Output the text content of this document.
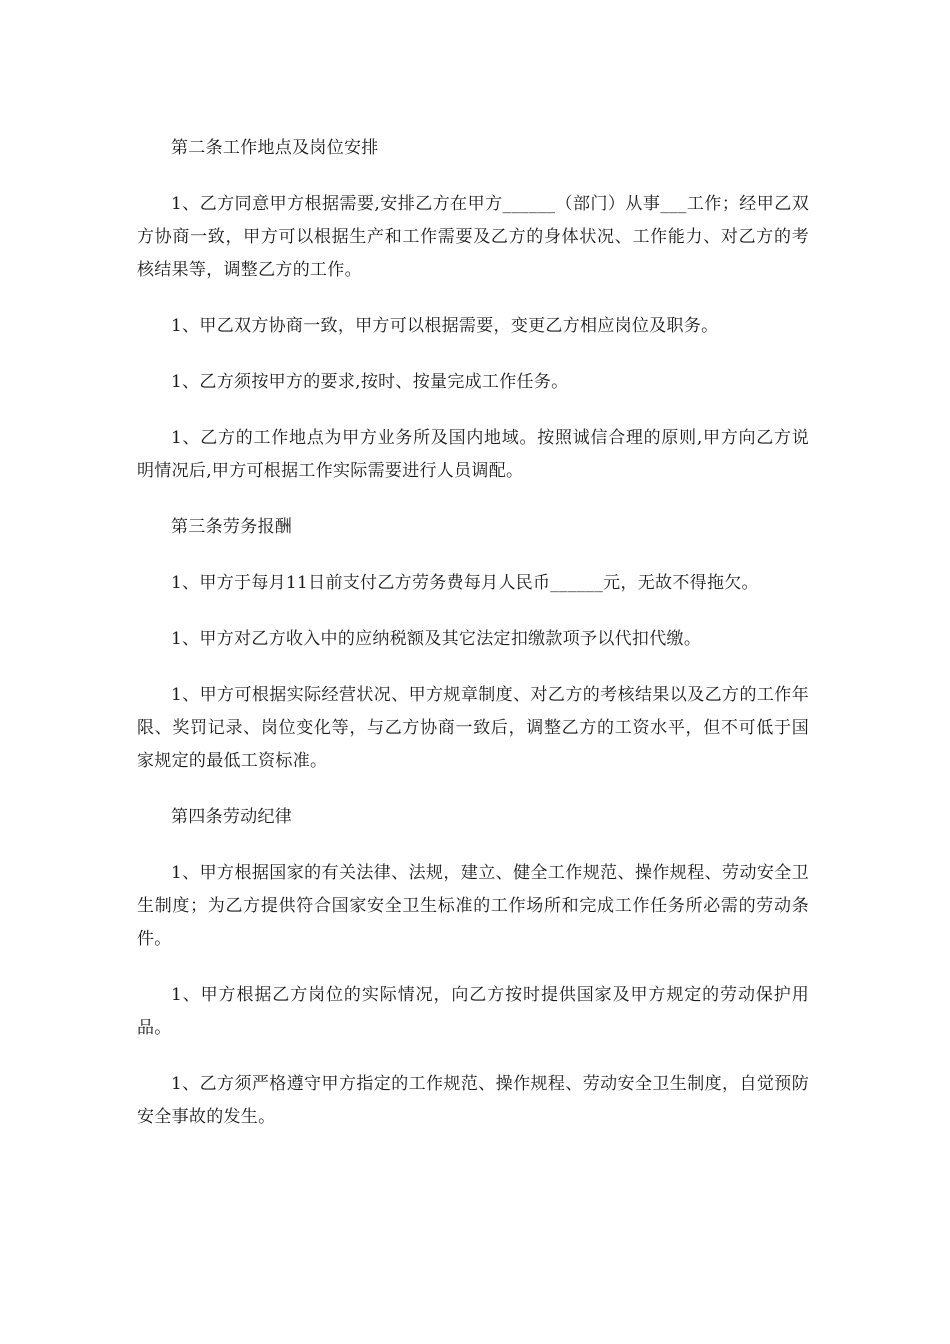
第二条工作地点及岗位安排

1、乙方同意甲方根据需要,安排乙方在甲方______（部门）从事___工作；经甲乙双方协商一致，甲方可以根据生产和工作需要及乙方的身体状况、工作能力、对乙方的考核结果等，调整乙方的工作。

1、甲乙双方协商一致，甲方可以根据需要，变更乙方相应岗位及职务。

1、乙方须按甲方的要求,按时、按量完成工作任务。

1、乙方的工作地点为甲方业务所及国内地域。按照诚信合理的原则,甲方向乙方说明情况后,甲方可根据工作实际需要进行人员调配。

第三条劳务报酬

1、甲方于每月11日前支付乙方劳务费每月人民币______元，无故不得拖欠。

1、甲方对乙方收入中的应纳税额及其它法定扣缴款项予以代扣代缴。

1、甲方可根据实际经营状况、甲方规章制度、对乙方的考核结果以及乙方的工作年限、奖罚记录、岗位变化等，与乙方协商一致后，调整乙方的工资水平，但不可低于国家规定的最低工资标准。

第四条劳动纪律

1、甲方根据国家的有关法律、法规，建立、健全工作规范、操作规程、劳动安全卫生制度；为乙方提供符合国家安全卫生标准的工作场所和完成工作任务所必需的劳动条件。

1、甲方根据乙方岗位的实际情况，向乙方按时提供国家及甲方规定的劳动保护用品。

1、乙方须严格遵守甲方指定的工作规范、操作规程、劳动安全卫生制度，自觉预防安全事故的发生。
